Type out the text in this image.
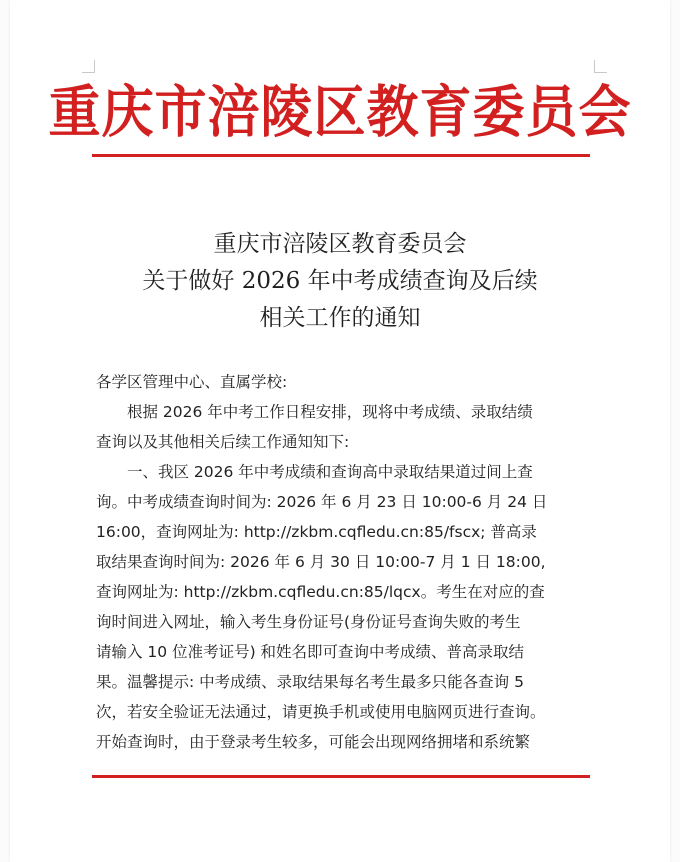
重庆市涪陵区教育委员会
重庆市涪陵区教育委员会
关于做好 2026 年中考成绩查询及后续
相关工作的通知

各学区管理中心、直属学校:

根据 2026 年中考工作日程安排，现将中考成绩、录取结绩

查询以及其他相关后续工作通知知下:

一、我区 2026 年中考成绩和查询高中录取结果道过间上查

询。中考成绩查询时间为: 2026 年 6 月 23 日 10:00-6 月 24 日

16:00，查询网址为: http://zkbm.cqfledu.cn:85/fscx; 普高录

取结果查询时间为: 2026 年 6 月 30 日 10:00-7 月 1 日 18:00,

查询网址为: http://zkbm.cqfledu.cn:85/lqcx。考生在对应的查

询时间进入网址，输入考生身份证号(身份证号查询失败的考生

请输入 10 位准考证号) 和姓名即可查询中考成绩、普高录取结

果。温馨提示: 中考成绩、录取结果每名考生最多只能各查询 5

次，若安全验证无法通过，请更换手机或使用电脑网页进行查询。

开始查询时，由于登录考生较多，可能会出现网络拥堵和系统繁
